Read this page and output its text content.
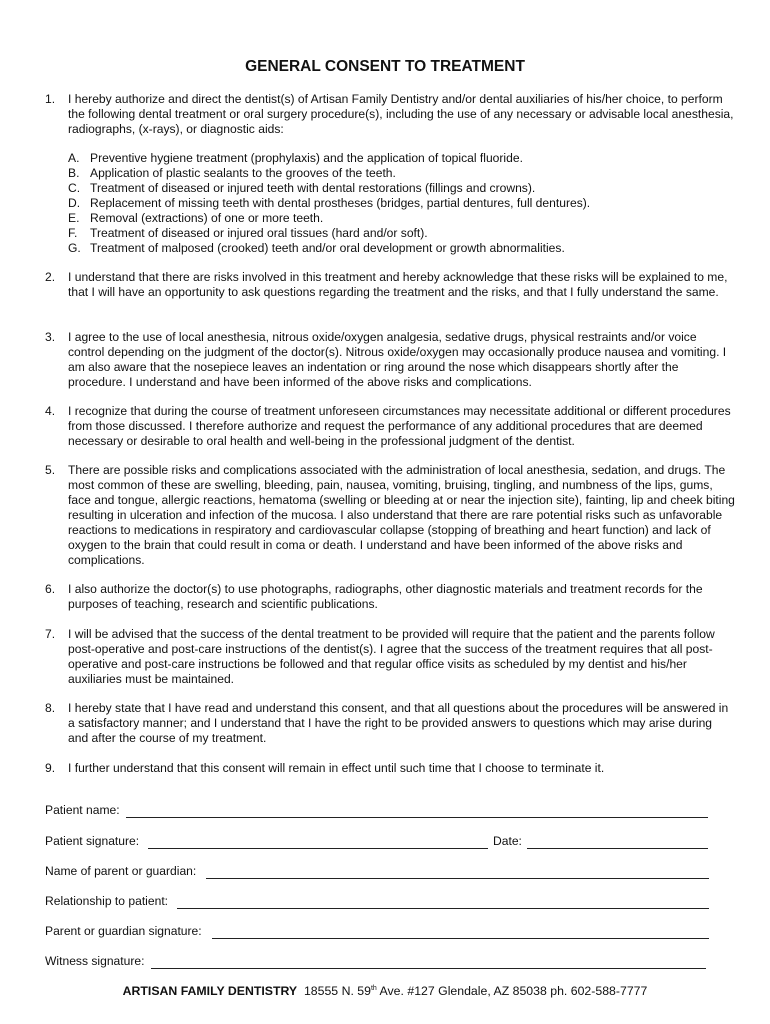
GENERAL CONSENT TO TREATMENT
1.	I hereby authorize and direct the dentist(s) of Artisan Family Dentistry and/or dental auxiliaries of his/her choice, to perform the following dental treatment or oral surgery procedure(s), including the use of any necessary or advisable local anesthesia, radiographs, (x-rays), or diagnostic aids:
A. Preventive hygiene treatment (prophylaxis) and the application of topical fluoride.
B. Application of plastic sealants to the grooves of the teeth.
C. Treatment of diseased or injured teeth with dental restorations (fillings and crowns).
D. Replacement of missing teeth with dental prostheses (bridges, partial dentures, full dentures).
E. Removal (extractions) of one or more teeth.
F. Treatment of diseased or injured oral tissues (hard and/or soft).
G. Treatment of malposed (crooked) teeth and/or oral development or growth abnormalities.
2.	I understand that there are risks involved in this treatment and hereby acknowledge that these risks will be explained to me, that I will have an opportunity to ask questions regarding the treatment and the risks, and that I fully understand the same.
3.	I agree to the use of local anesthesia, nitrous oxide/oxygen analgesia, sedative drugs, physical restraints and/or voice control depending on the judgment of the doctor(s). Nitrous oxide/oxygen may occasionally produce nausea and vomiting. I am also aware that the nosepiece leaves an indentation or ring around the nose which disappears shortly after the procedure. I understand and have been informed of the above risks and complications.
4.	I recognize that during the course of treatment unforeseen circumstances may necessitate additional or different procedures from those discussed. I therefore authorize and request the performance of any additional procedures that are deemed necessary or desirable to oral health and well-being in the professional judgment of the dentist.
5.	There are possible risks and complications associated with the administration of local anesthesia, sedation, and drugs. The most common of these are swelling, bleeding, pain, nausea, vomiting, bruising, tingling, and numbness of the lips, gums, face and tongue, allergic reactions, hematoma (swelling or bleeding at or near the injection site), fainting, lip and cheek biting resulting in ulceration and infection of the mucosa. I also understand that there are rare potential risks such as unfavorable reactions to medications in respiratory and cardiovascular collapse (stopping of breathing and heart function) and lack of oxygen to the brain that could result in coma or death. I understand and have been informed of the above risks and complications.
6.	I also authorize the doctor(s) to use photographs, radiographs, other diagnostic materials and treatment records for the purposes of teaching, research and scientific publications.
7.	I will be advised that the success of the dental treatment to be provided will require that the patient and the parents follow post-operative and post-care instructions of the dentist(s). I agree that the success of the treatment requires that all post-operative and post-care instructions be followed and that regular office visits as scheduled by my dentist and his/her auxiliaries must be maintained.
8.	I hereby state that I have read and understand this consent, and that all questions about the procedures will be answered in a satisfactory manner; and I understand that I have the right to be provided answers to questions which may arise during and after the course of my treatment.
9.	I further understand that this consent will remain in effect until such time that I choose to terminate it.
Patient name:
Patient signature:	Date:
Name of parent or guardian:
Relationship to patient:
Parent or guardian signature:
Witness signature:
ARTISAN FAMILY DENTISTRY 18555 N. 59th Ave. #127 Glendale, AZ 85038 ph. 602-588-7777
